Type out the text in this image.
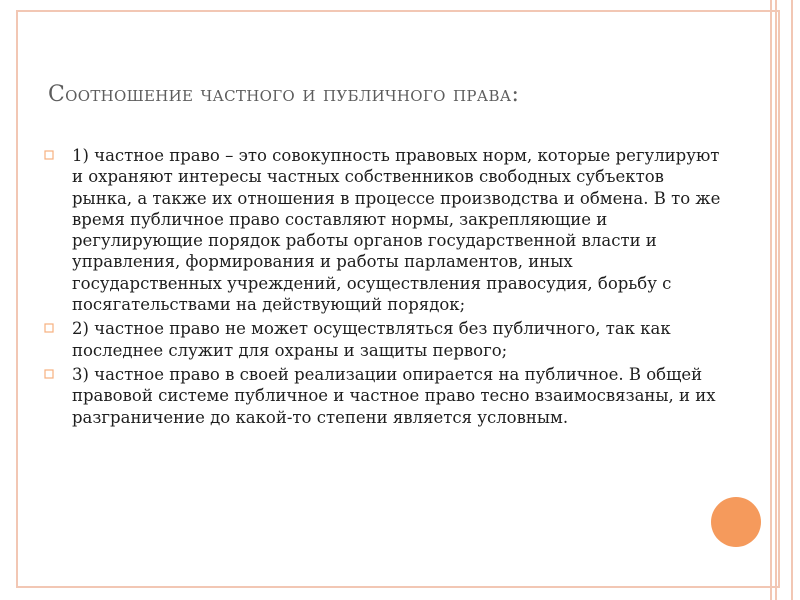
Соотношение частного и публичного права:
1) частное право – это совокупность правовых норм, которые регулируют и охраняют интересы частных собственников свободных субъектов рынка, а также их отношения в процессе производства и обмена. В то же время публичное право составляют нормы, закрепляющие и регулирующие порядок работы органов государственной власти и управления, формирования и работы парламентов, иных государственных учреждений, осуществления правосудия, борьбу с посягательствами на действующий порядок;
2) частное право не может осуществляться без публичного, так как последнее служит для охраны и защиты первого;
3) частное право в своей реализации опирается на публичное. В общей правовой системе публичное и частное право тесно взаимосвязаны, и их разграничение до какой-то степени является условным.
